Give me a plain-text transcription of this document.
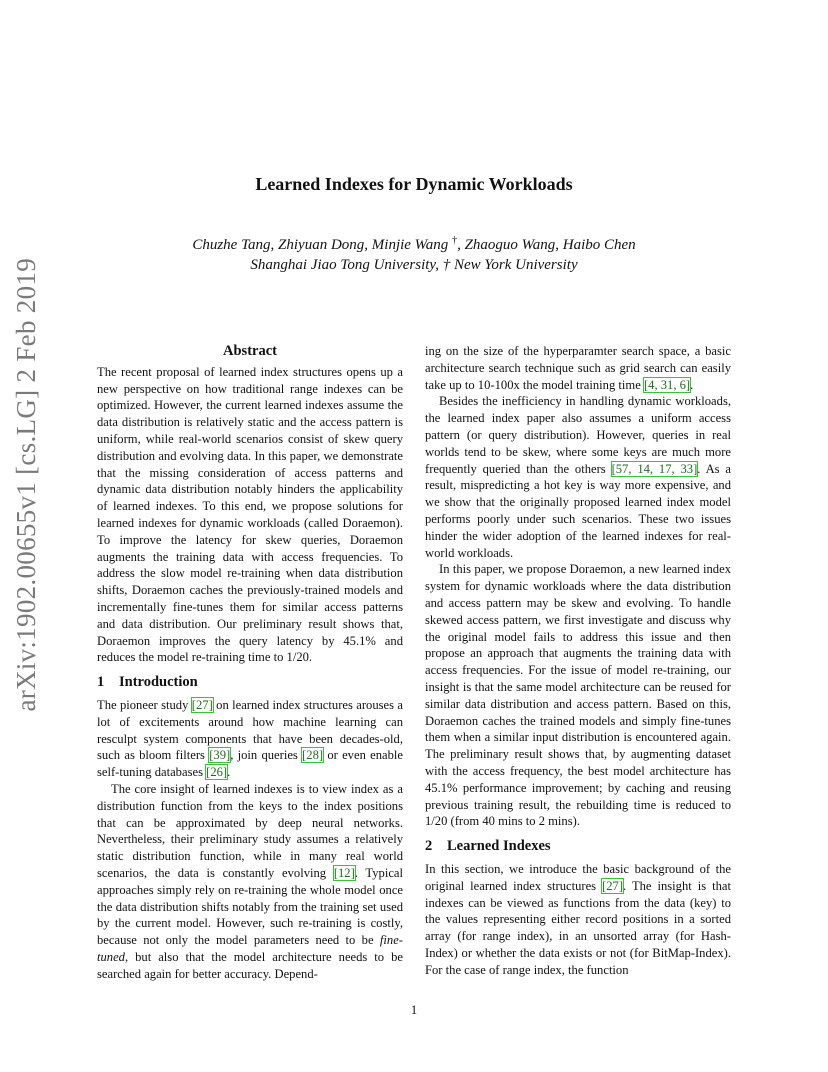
arXiv:1902.00655v1 [cs.LG] 2 Feb 2019
Learned Indexes for Dynamic Workloads
Chuzhe Tang, Zhiyuan Dong, Minjie Wang †, Zhaoguo Wang, Haibo Chen
Shanghai Jiao Tong University, † New York University
Abstract

The recent proposal of learned index structures opens up a new perspective on how traditional range indexes can be optimized. However, the current learned indexes assume the data distribution is relatively static and the access pattern is uniform, while real-world scenarios consist of skew query distribution and evolving data. In this paper, we demonstrate that the missing consideration of access patterns and dynamic data distribution notably hinders the applicability of learned indexes. To this end, we propose solutions for learned indexes for dynamic workloads (called Doraemon). To improve the latency for skew queries, Doraemon augments the training data with access frequencies. To address the slow model re-training when data distribution shifts, Doraemon caches the previously-trained models and incrementally fine-tunes them for similar access patterns and data distribution. Our preliminary result shows that, Doraemon improves the query latency by 45.1% and reduces the model re-training time to 1/20.

1 Introduction

The pioneer study [27] on learned index structures arouses a lot of excitements around how machine learning can resculpt system components that have been decades-old, such as bloom filters [39], join queries [28] or even enable self-tuning databases [26].

The core insight of learned indexes is to view index as a distribution function from the keys to the index positions that can be approximated by deep neural networks. Nevertheless, their preliminary study assumes a relatively static distribution function, while in many real world scenarios, the data is constantly evolving [12]. Typical approaches simply rely on re-training the whole model once the data distribution shifts notably from the training set used by the current model. However, such re-training is costly, because not only the model parameters need to be fine-tuned, but also that the model architecture needs to be searched again for better accuracy. Depend-

ing on the size of the hyperparamter search space, a basic architecture search technique such as grid search can easily take up to 10-100x the model training time [4, 31, 6].

Besides the inefficiency in handling dynamic workloads, the learned index paper also assumes a uniform access pattern (or query distribution). However, queries in real worlds tend to be skew, where some keys are much more frequently queried than the others [57, 14, 17, 33]. As a result, mispredicting a hot key is way more expensive, and we show that the originally proposed learned index model performs poorly under such scenarios. These two issues hinder the wider adoption of the learned indexes for real-world workloads.

In this paper, we propose Doraemon, a new learned index system for dynamic workloads where the data distribution and access pattern may be skew and evolving. To handle skewed access pattern, we first investigate and discuss why the original model fails to address this issue and then propose an approach that augments the training data with access frequencies. For the issue of model re-training, our insight is that the same model architecture can be reused for similar data distribution and access pattern. Based on this, Doraemon caches the trained models and simply fine-tunes them when a similar input distribution is encountered again. The preliminary result shows that, by augmenting dataset with the access frequency, the best model architecture has 45.1% performance improvement; by caching and reusing previous training result, the rebuilding time is reduced to 1/20 (from 40 mins to 2 mins).

2 Learned Indexes

In this section, we introduce the basic background of the original learned index structures [27]. The insight is that indexes can be viewed as functions from the data (key) to the values representing either record positions in a sorted array (for range index), in an unsorted array (for Hash-Index) or whether the data exists or not (for BitMap-Index). For the case of range index, the function

1
